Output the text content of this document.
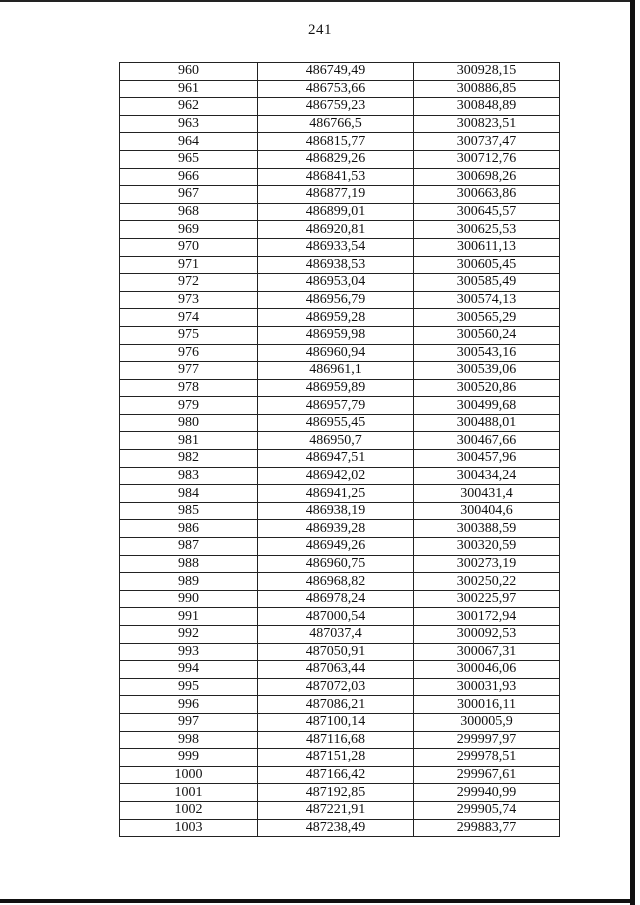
241
960	486749,49	300928,15
961	486753,66	300886,85
962	486759,23	300848,89
963	486766,5	300823,51
964	486815,77	300737,47
965	486829,26	300712,76
966	486841,53	300698,26
967	486877,19	300663,86
968	486899,01	300645,57
969	486920,81	300625,53
970	486933,54	300611,13
971	486938,53	300605,45
972	486953,04	300585,49
973	486956,79	300574,13
974	486959,28	300565,29
975	486959,98	300560,24
976	486960,94	300543,16
977	486961,1	300539,06
978	486959,89	300520,86
979	486957,79	300499,68
980	486955,45	300488,01
981	486950,7	300467,66
982	486947,51	300457,96
983	486942,02	300434,24
984	486941,25	300431,4
985	486938,19	300404,6
986	486939,28	300388,59
987	486949,26	300320,59
988	486960,75	300273,19
989	486968,82	300250,22
990	486978,24	300225,97
991	487000,54	300172,94
992	487037,4	300092,53
993	487050,91	300067,31
994	487063,44	300046,06
995	487072,03	300031,93
996	487086,21	300016,11
997	487100,14	300005,9
998	487116,68	299997,97
999	487151,28	299978,51
1000	487166,42	299967,61
1001	487192,85	299940,99
1002	487221,91	299905,74
1003	487238,49	299883,77
